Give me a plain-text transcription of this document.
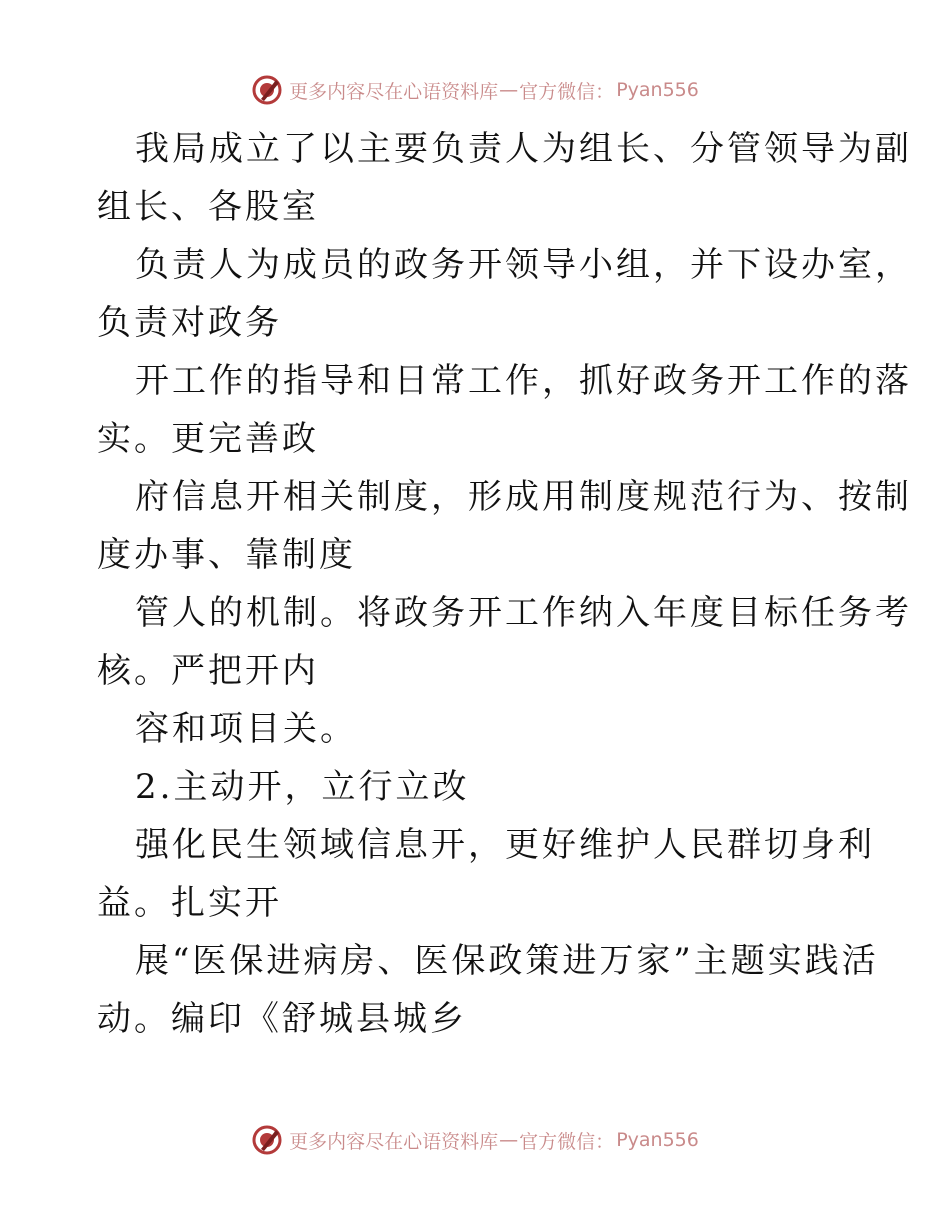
更多内容尽在心语资料库 — 官方微信： Pyan556

我局成立了以主要负责人为组长、分管领导为副

组长、各股室

负责人为成员的政务开领导小组，并下设办室，

负责对政务

开工作的指导和日常工作，抓好政务开工作的落

实。更完善政

府信息开相关制度，形成用制度规范行为、按制

度办事、靠制度

管人的机制。将政务开工作纳入年度目标任务考

核。严把开内

容和项目关。

2.主动开，立行立改

强化民生领域信息开，更好维护人民群切身利

益。扎实开

展“医保进病房、医保政策进万家”主题实践活

动。编印《舒城县城乡

更多内容尽在心语资料库 — 官方微信： Pyan556
